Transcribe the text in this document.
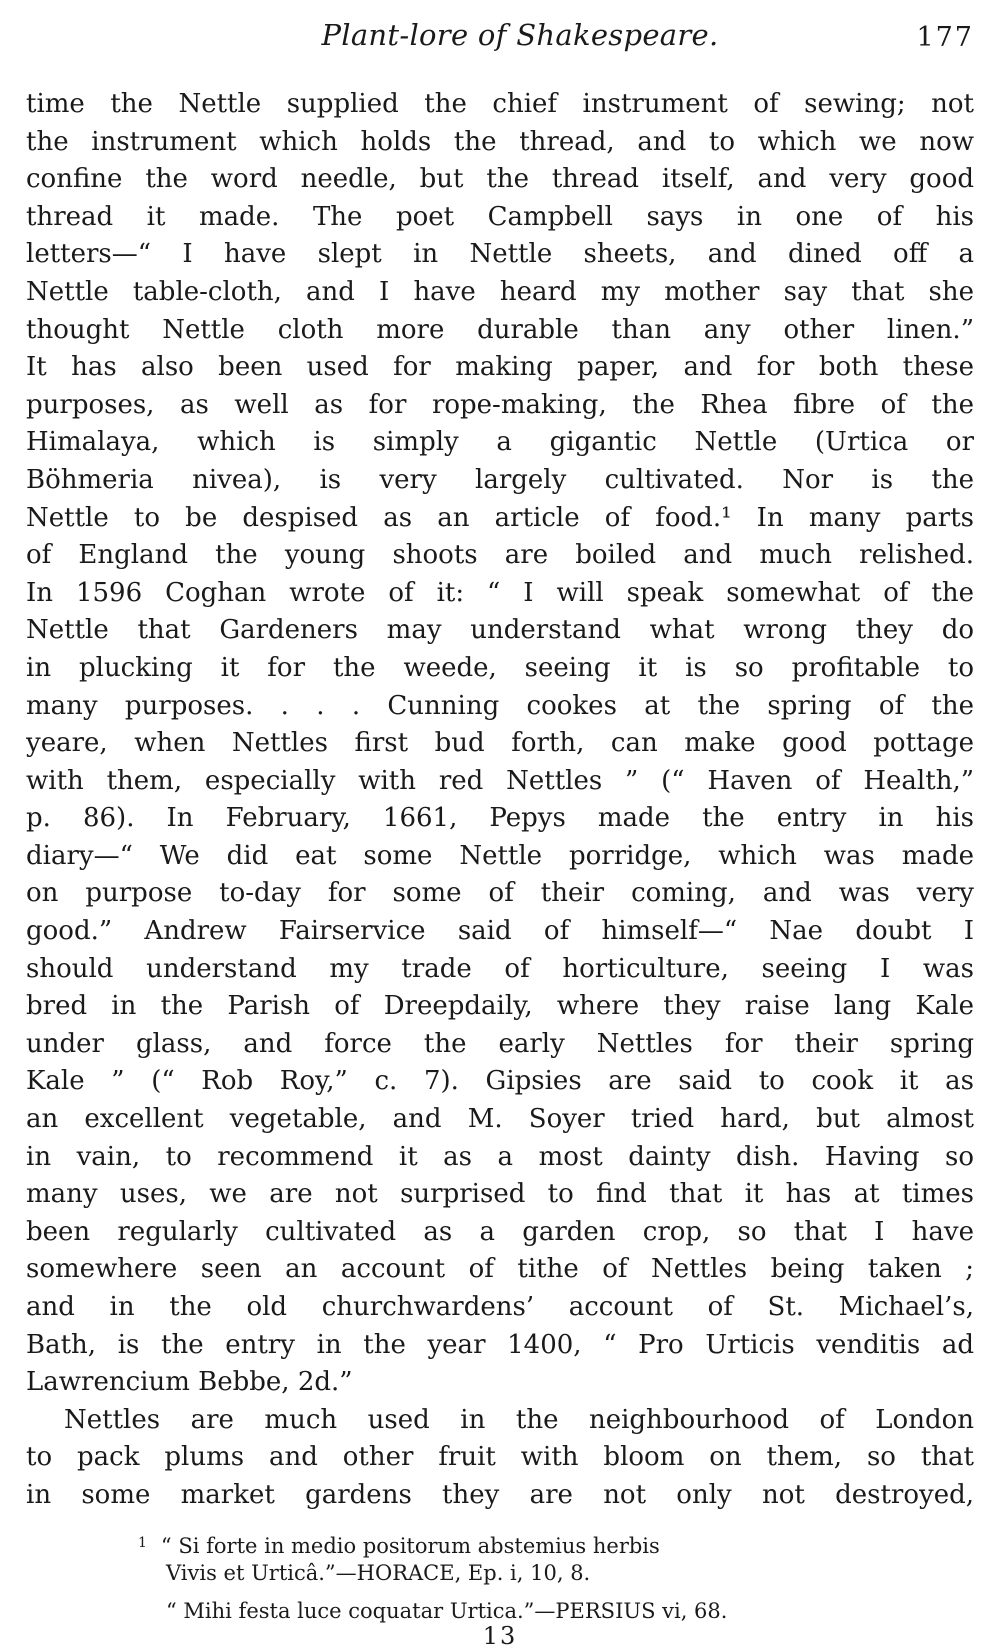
Plant-lore of Shakespeare.	177
time the Nettle supplied the chief instrument of sewing; not
the instrument which holds the thread, and to which we now
confine the word needle, but the thread itself, and very good
thread it made. The poet Campbell says in one of his
letters—“ I have slept in Nettle sheets, and dined off a
Nettle table-cloth, and I have heard my mother say that she
thought Nettle cloth more durable than any other linen.”
It has also been used for making paper, and for both these
purposes, as well as for rope-making, the Rhea fibre of the
Himalaya, which is simply a gigantic Nettle (Urtica or
Böhmeria nivea), is very largely cultivated. Nor is the
Nettle to be despised as an article of food.¹ In many parts
of England the young shoots are boiled and much relished.
In 1596 Coghan wrote of it: “ I will speak somewhat of the
Nettle that Gardeners may understand what wrong they do
in plucking it for the weede, seeing it is so profitable to
many purposes. . . . Cunning cookes at the spring of the
yeare, when Nettles first bud forth, can make good pottage
with them, especially with red Nettles ” (“ Haven of Health,”
p. 86). In February, 1661, Pepys made the entry in his
diary—“ We did eat some Nettle porridge, which was made
on purpose to-day for some of their coming, and was very
good.” Andrew Fairservice said of himself—“ Nae doubt I
should understand my trade of horticulture, seeing I was
bred in the Parish of Dreepdaily, where they raise lang Kale
under glass, and force the early Nettles for their spring
Kale ” (“ Rob Roy,” c. 7). Gipsies are said to cook it as
an excellent vegetable, and M. Soyer tried hard, but almost
in vain, to recommend it as a most dainty dish. Having so
many uses, we are not surprised to find that it has at times
been regularly cultivated as a garden crop, so that I have
somewhere seen an account of tithe of Nettles being taken ;
and in the old churchwardens’ account of St. Michael’s,
Bath, is the entry in the year 1400, “ Pro Urticis venditis ad
Lawrencium Bebbe, 2d.”
Nettles are much used in the neighbourhood of London
to pack plums and other fruit with bloom on them, so that
in some market gardens they are not only not destroyed,
$^1$ “ Si forte in medio positorum abstemius herbis
Vivis et Urticâ.”—HORACE, Ep. i, 10, 8.
“ Mihi festa luce coquatar Urtica.”—PERSIUS vi, 68.
13
